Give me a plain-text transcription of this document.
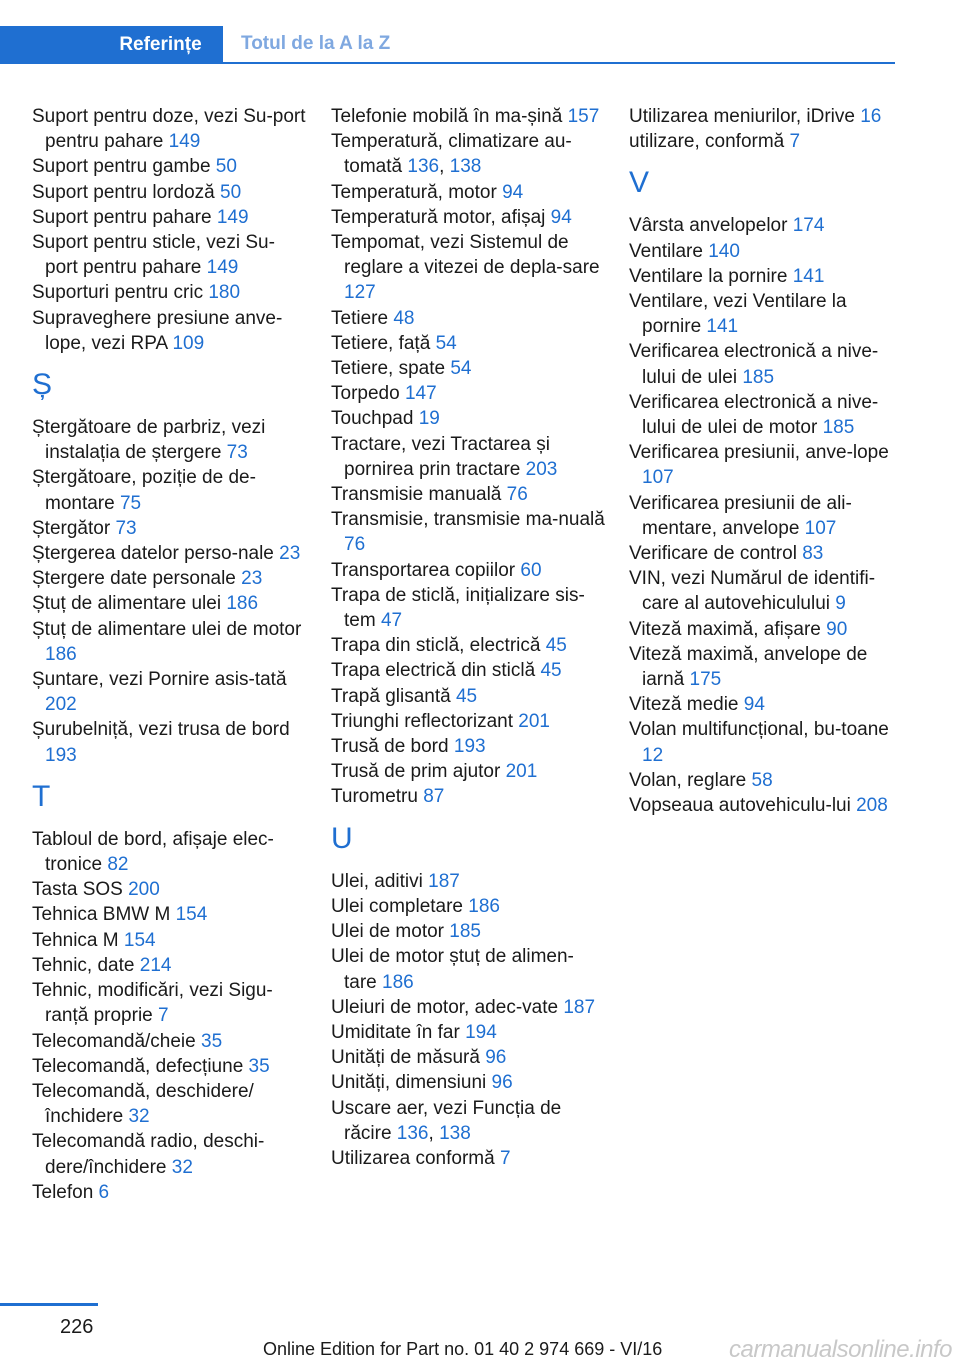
Referințe	Totul de la A la Z
Suport pentru doze, vezi Su-port pentru pahare 149
Suport pentru gambe 50
Suport pentru lordoză 50
Suport pentru pahare 149
Suport pentru sticle, vezi Su-port pentru pahare 149
Suporturi pentru cric 180
Supraveghere presiune anve-lope, vezi RPA 109
Ș
Ștergătoare de parbriz, vezi instalația de ștergere 73
Ștergătoare, poziție de de-montare 75
Ștergător 73
Ștergerea datelor perso-nale 23
Ștergere date personale 23
Ștuț de alimentare ulei 186
Ștuț de alimentare ulei de motor 186
Șuntare, vezi Pornire asis-tată 202
Șurubelniță, vezi trusa de bord 193
T
Tabloul de bord, afișaje elec-tronice 82
Tasta SOS 200
Tehnica BMW M 154
Tehnica M 154
Tehnic, date 214
Tehnic, modificări, vezi Sigu-ranță proprie 7
Telecomandă/cheie 35
Telecomandă, defecțiune 35
Telecomandă, deschidere/închidere 32
Telecomandă radio, deschi-dere/închidere 32
Telefon 6
Telefonie mobilă în ma-șină 157
Temperatură, climatizare au-tomată 136, 138
Temperatură, motor 94
Temperatură motor, afișaj 94
Tempomat, vezi Sistemul de reglare a vitezei de depla-sare 127
Tetiere 48
Tetiere, față 54
Tetiere, spate 54
Torpedo 147
Touchpad 19
Tractare, vezi Tractarea și pornirea prin tractare 203
Transmisie manuală 76
Transmisie, transmisie ma-nuală 76
Transportarea copiilor 60
Trapa de sticlă, inițializare sis-tem 47
Trapa din sticlă, electrică 45
Trapa electrică din sticlă 45
Trapă glisantă 45
Triunghi reflectorizant 201
Trusă de bord 193
Trusă de prim ajutor 201
Turometru 87
U
Ulei, aditivi 187
Ulei completare 186
Ulei de motor 185
Ulei de motor ștuț de alimen-tare 186
Uleiuri de motor, adec-vate 187
Umiditate în far 194
Unități de măsură 96
Unități, dimensiuni 96
Uscare aer, vezi Funcția de răcire 136, 138
Utilizarea conformă 7
Utilizarea meniurilor, iDrive 16
utilizare, conformă 7
V
Vârsta anvelopelor 174
Ventilare 140
Ventilare la pornire 141
Ventilare, vezi Ventilare la pornire 141
Verificarea electronică a nive-lului de ulei 185
Verificarea electronică a nive-lului de ulei de motor 185
Verificarea presiunii, anve-lope 107
Verificarea presiunii de ali-mentare, anvelope 107
Verificare de control 83
VIN, vezi Numărul de identifi-care al autovehiculului 9
Viteză maximă, afișare 90
Viteză maximă, anvelope de iarnă 175
Viteză medie 94
Volan multifuncțional, bu-toane 12
Volan, reglare 58
Vopseaua autovehiculu-lui 208
226
Online Edition for Part no. 01 40 2 974 669 - VI/16	carmanualsonline.info
